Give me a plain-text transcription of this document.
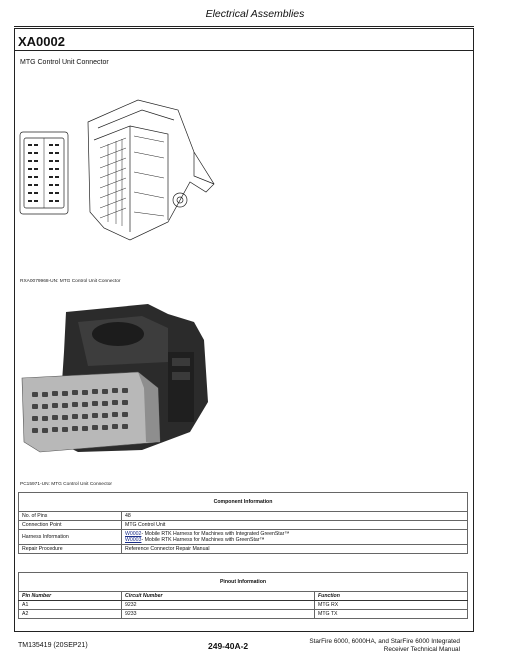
Electrical Assemblies
XA0002
MTG Control Unit Connector
RXA0079968-UN: MTG Control Unit Connector
PC15971-UN: MTG Control Unit Connector
Component Information	
No. of Pins	48
Connection Point	MTG Control Unit
Harness Information	W0002- Mobile RTK Harness for Machines with Integrated GreenStar™
W0003- Mobile RTK Harness for Machines with GreenStar™

Repair Procedure	Reference Connector Repair Manual
Pinout Information		
Pin Number	Circuit Number	Function
A1	9232	MTG RX
A2	9233	MTG TX
TM135419 (20SEP21)	249-40A-2	StarFire 6000, 6000HA, and StarFire 6000 Integrated
Receiver Technical Manual
